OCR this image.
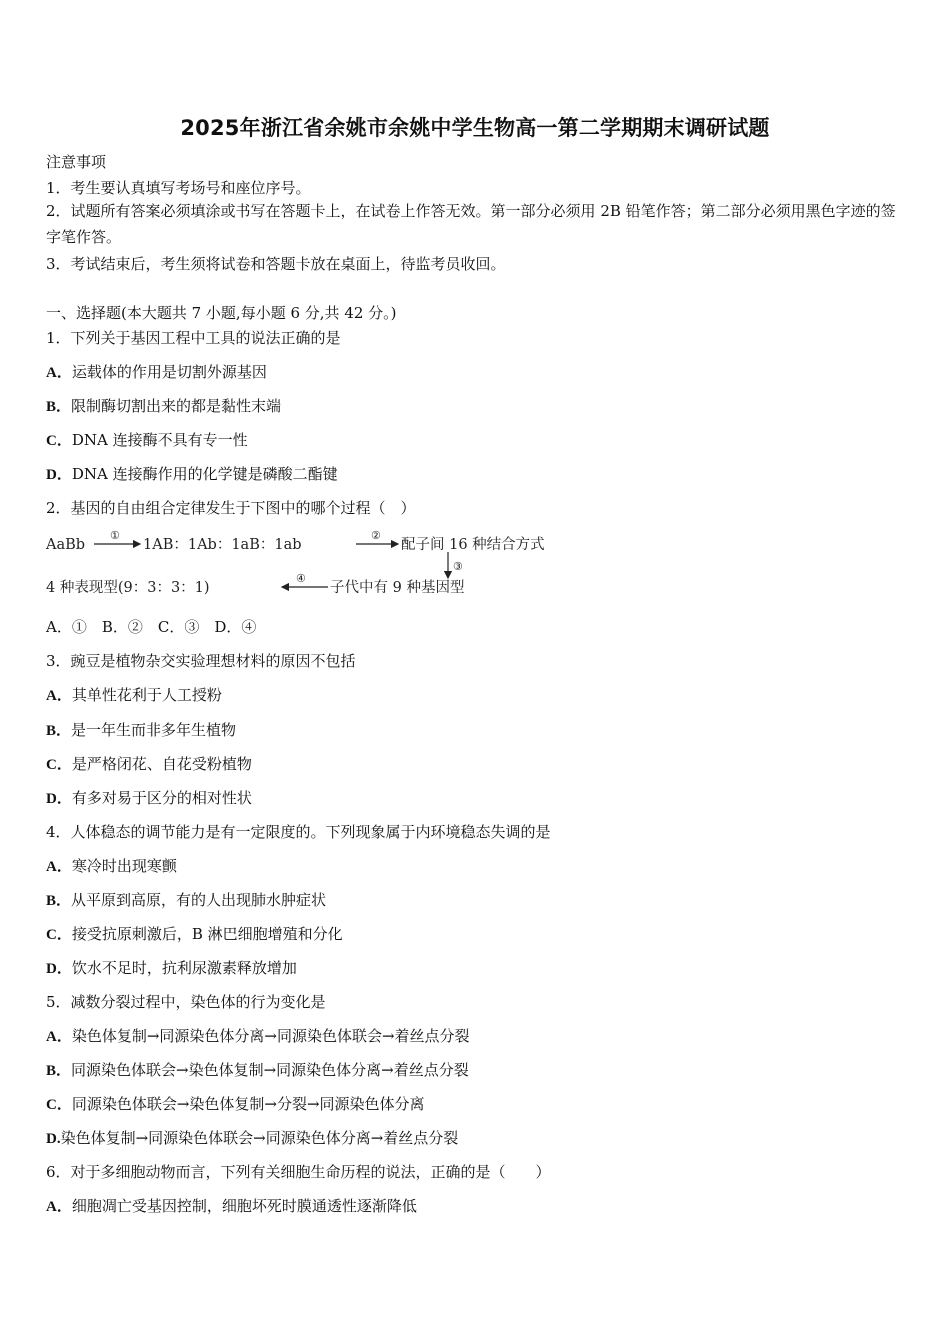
2025年浙江省余姚市余姚中学生物高一第二学期期末调研试题
注意事项
1．考生要认真填写考场号和座位序号。
2．试题所有答案必须填涂或书写在答题卡上，在试卷上作答无效。第一部分必须用 2B 铅笔作答；第二部分必须用黑色字迹的签字笔作答。
3．考试结束后，考生须将试卷和答题卡放在桌面上，待监考员收回。
一、选择题(本大题共 7 小题,每小题 6 分,共 42 分。)
1．下列关于基因工程中工具的说法正确的是
A．运载体的作用是切割外源基因
B．限制酶切割出来的都是黏性末端
C．DNA 连接酶不具有专一性
D．DNA 连接酶作用的化学键是磷酸二酯键
2．基因的自由组合定律发生于下图中的哪个过程（　）
AaBb
①
1AB：1Ab：1aB：1ab
②
配子间 16 种结合方式
③
子代中有 9 种基因型
④
4 种表现型(9：3：3：1)
A．①　B．②　C．③　D．④
3．豌豆是植物杂交实验理想材料的原因不包括
A．其单性花利于人工授粉
B．是一年生而非多年生植物
C．是严格闭花、自花受粉植物
D．有多对易于区分的相对性状
4．人体稳态的调节能力是有一定限度的。下列现象属于内环境稳态失调的是
A．寒冷时出现寒颤
B．从平原到高原，有的人出现肺水肿症状
C．接受抗原刺激后，B 淋巴细胞增殖和分化
D．饮水不足时，抗利尿激素释放增加
5．减数分裂过程中，染色体的行为变化是
A．染色体复制→同源染色体分离→同源染色体联会→着丝点分裂
B．同源染色体联会→染色体复制→同源染色体分离→着丝点分裂
C．同源染色体联会→染色体复制→分裂→同源染色体分离
D.染色体复制→同源染色体联会→同源染色体分离→着丝点分裂
6．对于多细胞动物而言，下列有关细胞生命历程的说法，正确的是（　　）
A．细胞凋亡受基因控制，细胞坏死时膜通透性逐渐降低
